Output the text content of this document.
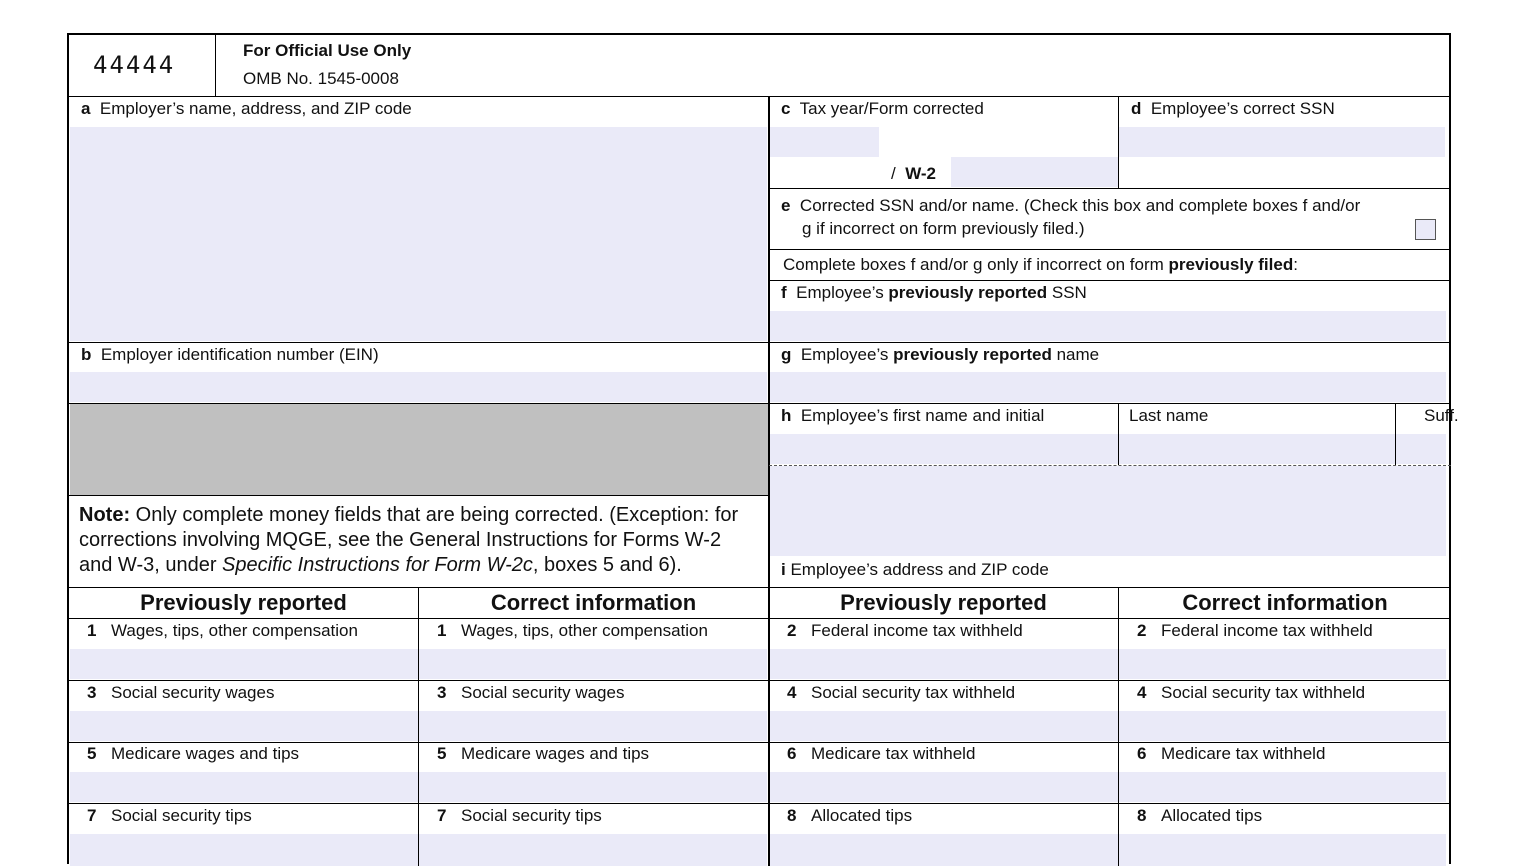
44444
For Official Use Only
OMB No. 1545-0008
a Employer’s name, address, and ZIP code
b Employer identification number (EIN)
Note: Only complete money fields that are being corrected. (Exception: for
corrections involving MQGE, see the General Instructions for Forms W-2
and W-3, under Specific Instructions for Form W-2c, boxes 5 and 6).
c Tax year/Form corrected
/ W-2
d Employee’s correct SSN
e Corrected SSN and/or name. (Check this box and complete boxes f and/or
g if incorrect on form previously filed.)
Complete boxes f and/or g only if incorrect on form previously filed:
f Employee’s previously reported SSN
g Employee’s previously reported name
h Employee’s first name and initial	Last name	Suff.
i Employee’s address and ZIP code
Previously reported	Correct information	Previously reported	Correct information
1 Wages, tips, other compensation	1 Wages, tips, other compensation	2 Federal income tax withheld	2 Federal income tax withheld
3 Social security wages	3 Social security wages	4 Social security tax withheld	4 Social security tax withheld
5 Medicare wages and tips	5 Medicare wages and tips	6 Medicare tax withheld	6 Medicare tax withheld
7 Social security tips	7 Social security tips	8 Allocated tips	8 Allocated tips
